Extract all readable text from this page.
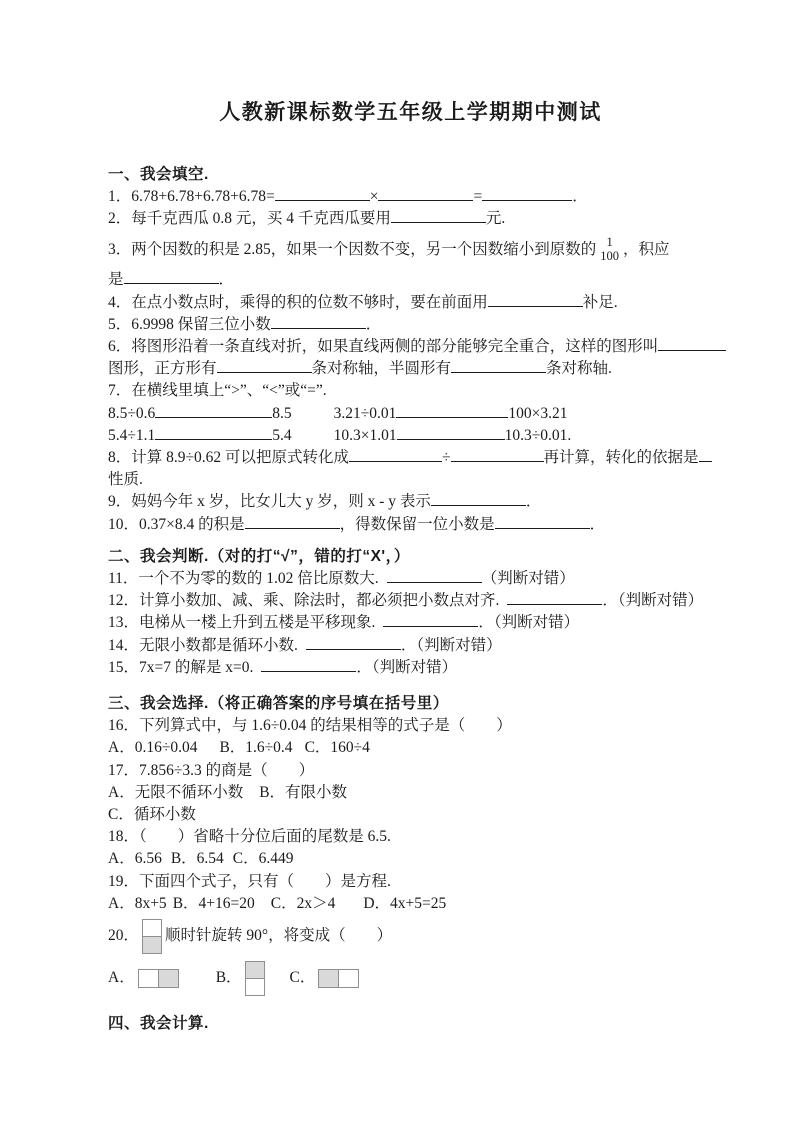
人教新课标数学五年级上学期期中测试
一、我会填空.
1．6.78+6.78+6.78+6.78=	×	=	．
2．每千克西瓜 0.8 元，买 4 千克西瓜要用	元.
3．两个因数的积是 2.85，如果一个因数不变，另一个因数缩小到原数的 1
100 ，积应
是	．
4．在点小数点时，乘得的积的位数不够时，要在前面用	补足.
5．6.9998 保留三位小数	．
6．将图形沿着一条直线对折，如果直线两侧的部分能够完全重合，这样的图形叫
图形，正方形有	条对称轴，半圆形有	条对称轴.
7．在横线里填上“>”、“<”或“=”.
8.5÷0.6	8.5	3.21÷0.01	100×3.21
5.4÷1.1	5.4	10.3×1.01	10.3÷0.01.
8．计算 8.9÷0.62 可以把原式转化成	÷	再计算，转化的依据是
性质.
9．妈妈今年 x 岁，比女儿大 y 岁，则 x - y 表示	．
10．0.37×8.4 的积是	，得数保留一位小数是	．
二、我会判断.（对的打“√”，错的打“X'，）
11．一个不为零的数的 1.02 倍比原数大.	（判断对错）
12．计算小数加、减、乘、除法时，都必须把小数点对齐.	．（判断对错）
13．电梯从一楼上升到五楼是平移现象.	．（判断对错）
14．无限小数都是循环小数.	．（判断对错）
15．7x=7 的解是 x=0.	．（判断对错）
三、我会选择.（将正确答案的序号填在括号里）
16．下列算式中，与 1.6÷0.04 的结果相等的式子是（　　）
A．0.16÷0.04 B．1.6÷0.4 C．160÷4
17．7.856÷3.3 的商是（　　）
A．无限不循环小数 B．有限小数
C．循环小数
18．（　　）省略十分位后面的尾数是 6.5.
A．6.56 B．6.54 C．6.449
19．下面四个式子，只有（　　）是方程.
A．8x+5 B．4+16=20 C．2x＞4 D．4x+5=25
20． 顺时针旋转 90°，将变成（　　）
A．	B．	C．
四、我会计算.
